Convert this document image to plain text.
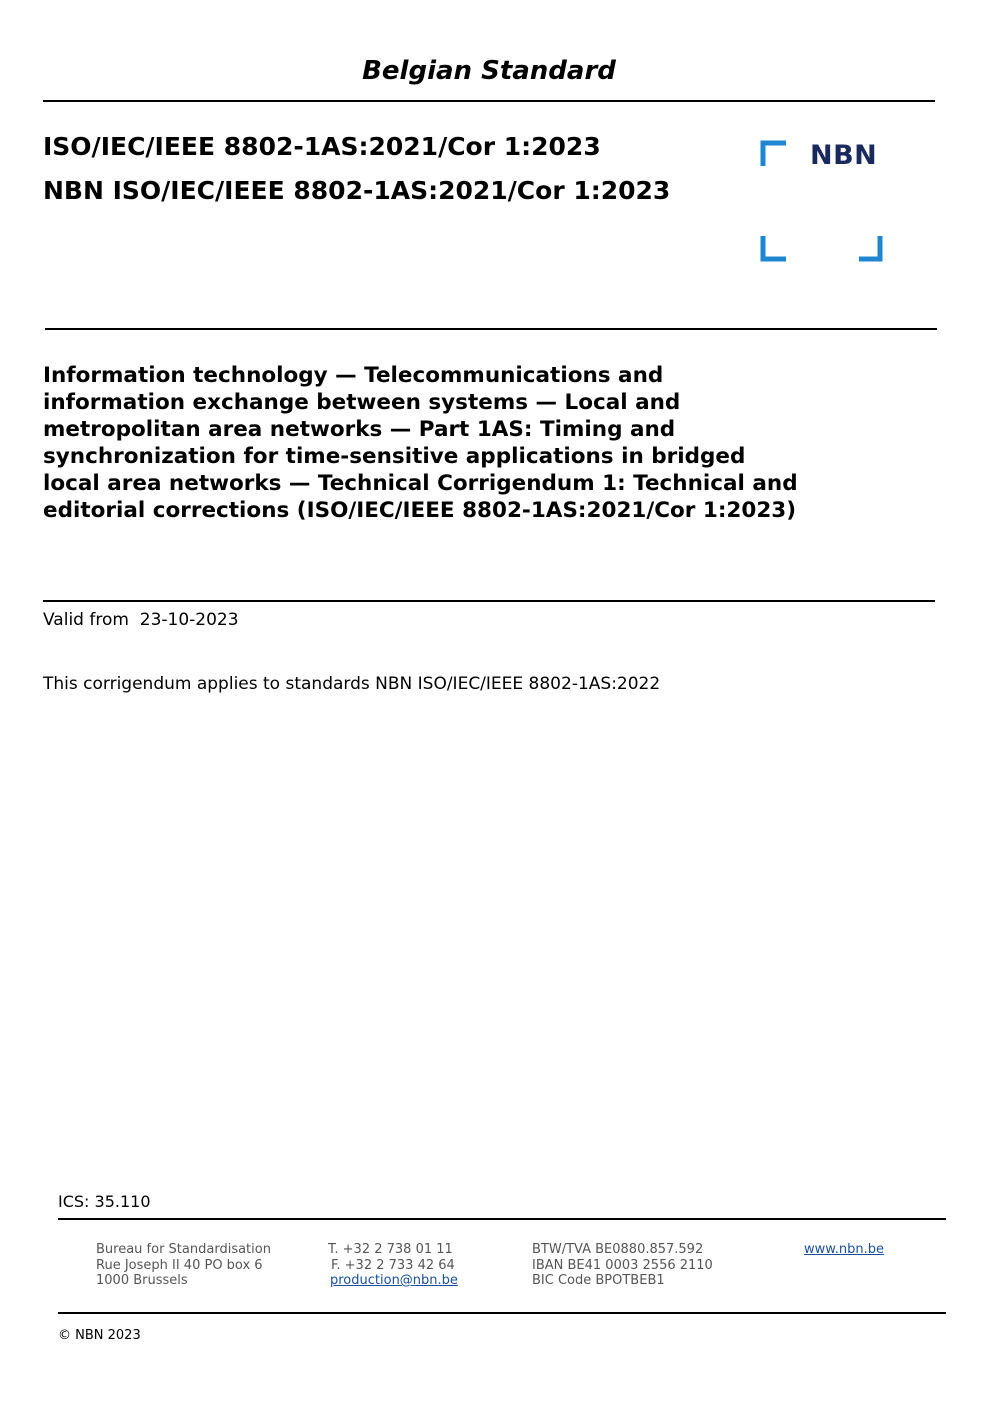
Belgian Standard
ISO/IEC/IEEE 8802-1AS:2021/Cor 1:2023
NBN ISO/IEC/IEEE 8802-1AS:2021/Cor 1:2023
NBN
Information technology — Telecommunications and
information exchange between systems — Local and
metropolitan area networks — Part 1AS: Timing and
synchronization for time-sensitive applications in bridged
local area networks — Technical Corrigendum 1: Technical and
editorial corrections (ISO/IEC/IEEE 8802-1AS:2021/Cor 1:2023)
Valid from 23-10-2023
This corrigendum applies to standards NBN ISO/IEC/IEEE 8802-1AS:2022
ICS: 35.110
Bureau for Standardisation
Rue Joseph II 40 PO box 6
1000 Brussels
T. +32 2 738 01 11
F. +32 2 733 42 64
production@nbn.be
BTW/TVA BE0880.857.592
IBAN BE41 0003 2556 2110
BIC Code BPOTBEB1
www.nbn.be
© NBN 2023
